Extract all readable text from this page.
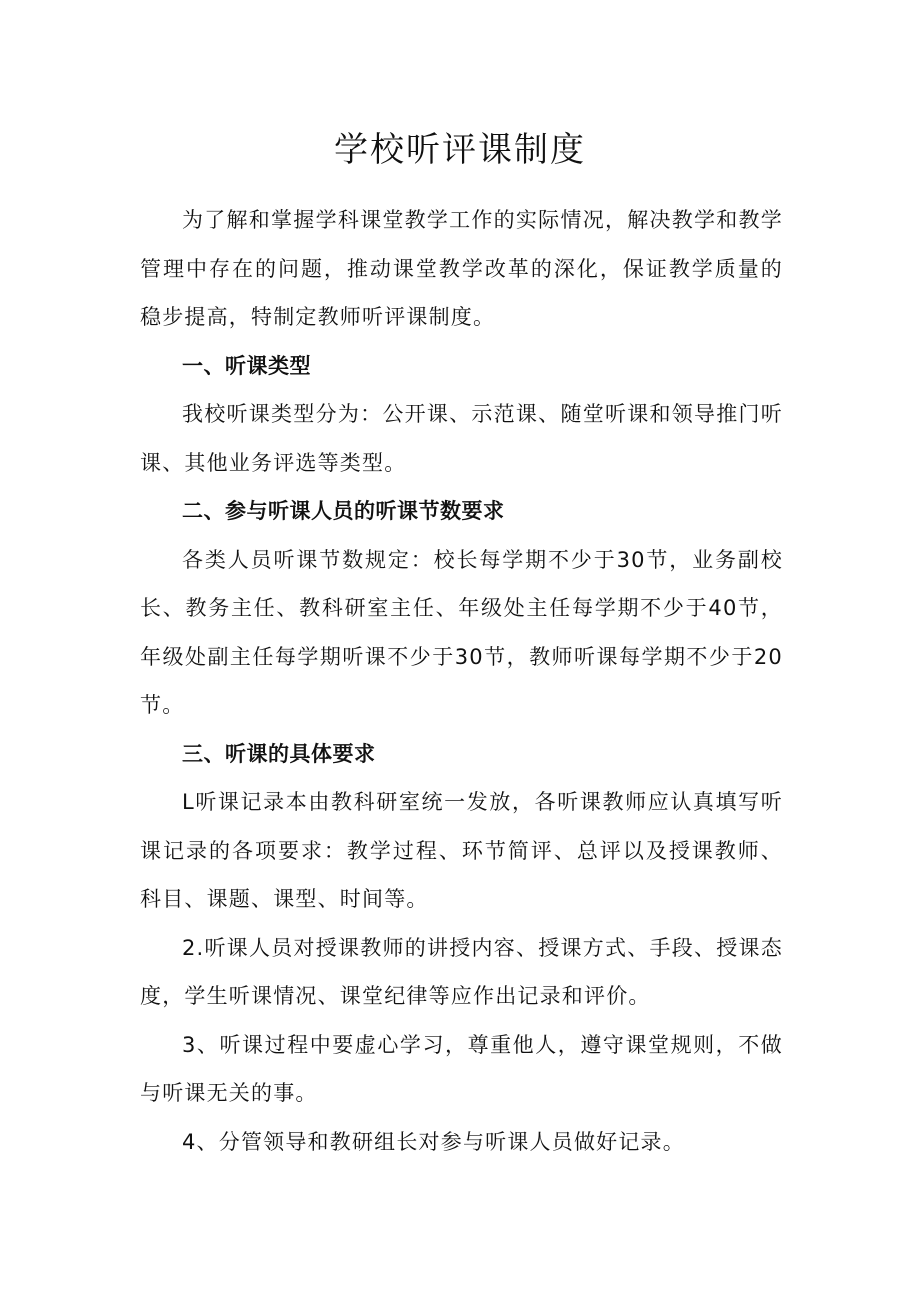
学校听评课制度

为了解和掌握学科课堂教学工作的实际情况，解决教学和教学管理中存在的问题，推动课堂教学改革的深化，保证教学质量的稳步提高，特制定教师听评课制度。

一、听课类型

我校听课类型分为：公开课、示范课、随堂听课和领导推门听课、其他业务评选等类型。

二、参与听课人员的听课节数要求

各类人员听课节数规定：校长每学期不少于30节，业务副校长、教务主任、教科研室主任、年级处主任每学期不少于40节，年级处副主任每学期听课不少于30节，教师听课每学期不少于20节。

三、听课的具体要求

L听课记录本由教科研室统一发放，各听课教师应认真填写听课记录的各项要求：教学过程、环节简评、总评以及授课教师、科目、课题、课型、时间等。

2.听课人员对授课教师的讲授内容、授课方式、手段、授课态度，学生听课情况、课堂纪律等应作出记录和评价。

3、听课过程中要虚心学习，尊重他人，遵守课堂规则，不做与听课无关的事。

4、分管领导和教研组长对参与听课人员做好记录。
